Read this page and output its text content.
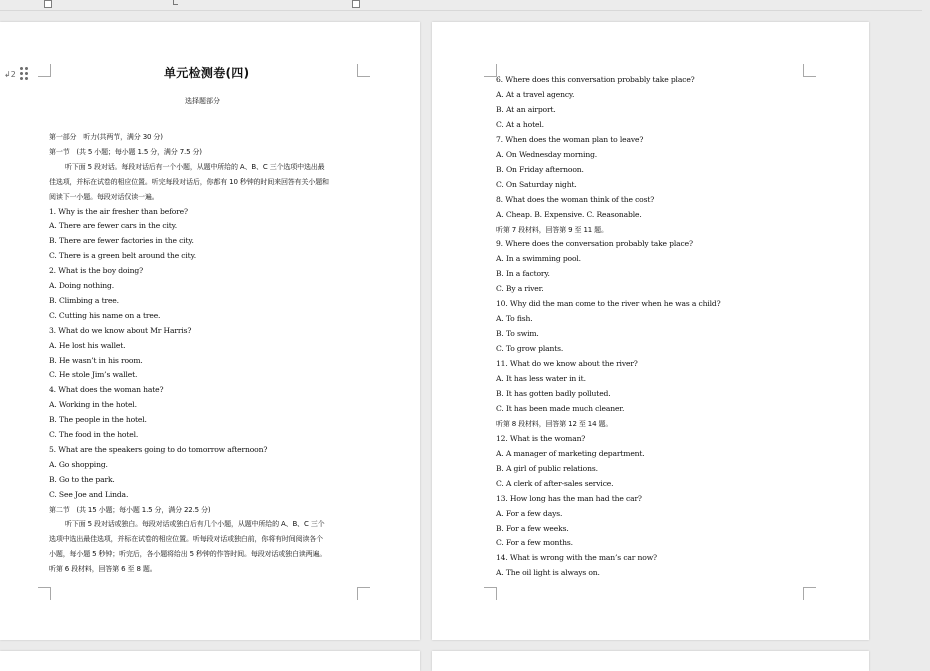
↲2	单元检测卷(四)
选择题部分
第一部分　听力(共两节，满分 30 分)
第一节　(共 5 小题；每小题 1.5 分，满分 7.5 分)
听下面 5 段对话。每段对话后有一个小题，从题中所给的 A、B、C 三个选项中选出最
佳选项，并标在试卷的相应位置。听完每段对话后，你都有 10 秒钟的时间来回答有关小题和
阅读下一小题。每段对话仅读一遍。
1. Why is the air fresher than before?
A. There are fewer cars in the city.
B. There are fewer factories in the city.
C. There is a green belt around the city.
2. What is the boy doing?
A. Doing nothing.
B. Climbing a tree.
C. Cutting his name on a tree.
3. What do we know about Mr Harris?
A. He lost his wallet.
B. He wasn’t in his room.
C. He stole Jim’s wallet.
4. What does the woman hate?
A. Working in the hotel.
B. The people in the hotel.
C. The food in the hotel.
5. What are the speakers going to do tomorrow afternoon?
A. Go shopping.
B. Go to the park.
C. See Joe and Linda.
第二节　(共 15 小题；每小题 1.5 分，满分 22.5 分)
听下面 5 段对话或独白。每段对话或独白后有几个小题，从题中所给的 A、B、C 三个
选项中选出最佳选项，并标在试卷的相应位置。听每段对话或独白前，你将有时间阅读各个
小题，每小题 5 秒钟；听完后，各小题将给出 5 秒钟的作答时间。每段对话或独白读两遍。
听第 6 段材料，回答第 6 至 8 题。
6. Where does this conversation probably take place?
A. At a travel agency.
B. At an airport.
C. At a hotel.
7. When does the woman plan to leave?
A. On Wednesday morning.
B. On Friday afternoon.
C. On Saturday night.
8. What does the woman think of the cost?
A. Cheap. B. Expensive. C. Reasonable.
听第 7 段材料，回答第 9 至 11 题。
9. Where does the conversation probably take place?
A. In a swimming pool.
B. In a factory.
C. By a river.
10. Why did the man come to the river when he was a child?
A. To fish.
B. To swim.
C. To grow plants.
11. What do we know about the river?
A. It has less water in it.
B. It has gotten badly polluted.
C. It has been made much cleaner.
听第 8 段材料，回答第 12 至 14 题。
12. What is the woman?
A. A manager of marketing department.
B. A girl of public relations.
C. A clerk of after-sales service.
13. How long has the man had the car?
A. For a few days.
B. For a few weeks.
C. For a few months.
14. What is wrong with the man’s car now?
A. The oil light is always on.
